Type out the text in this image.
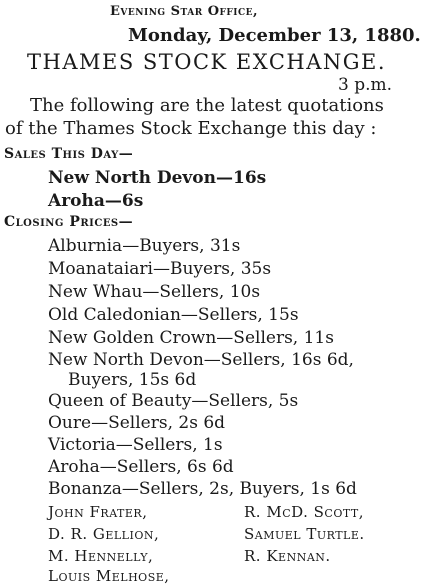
Evening Star Office,
Monday, December 13, 1880.
THAMES STOCK EXCHANGE.
3 p.m.
The following are the latest quotations
of the Thames Stock Exchange this day :
Sales This Day—
New North Devon—16s
Aroha—6s
Closing Prices—
Alburnia—Buyers, 31s
Moanataiari—Buyers, 35s
New Whau—Sellers, 10s
Old Caledonian—Sellers, 15s
New Golden Crown—Sellers, 11s
New North Devon—Sellers, 16s 6d,
Buyers, 15s 6d
Queen of Beauty—Sellers, 5s
Oure—Sellers, 2s 6d
Victoria—Sellers, 1s
Aroha—Sellers, 6s 6d
Bonanza—Sellers, 2s, Buyers, 1s 6d
John Frater,	R. McD. Scott,
D. R. Gellion,	Samuel Turtle.
M. Hennelly,	R. Kennan.
Louis Melhose,
